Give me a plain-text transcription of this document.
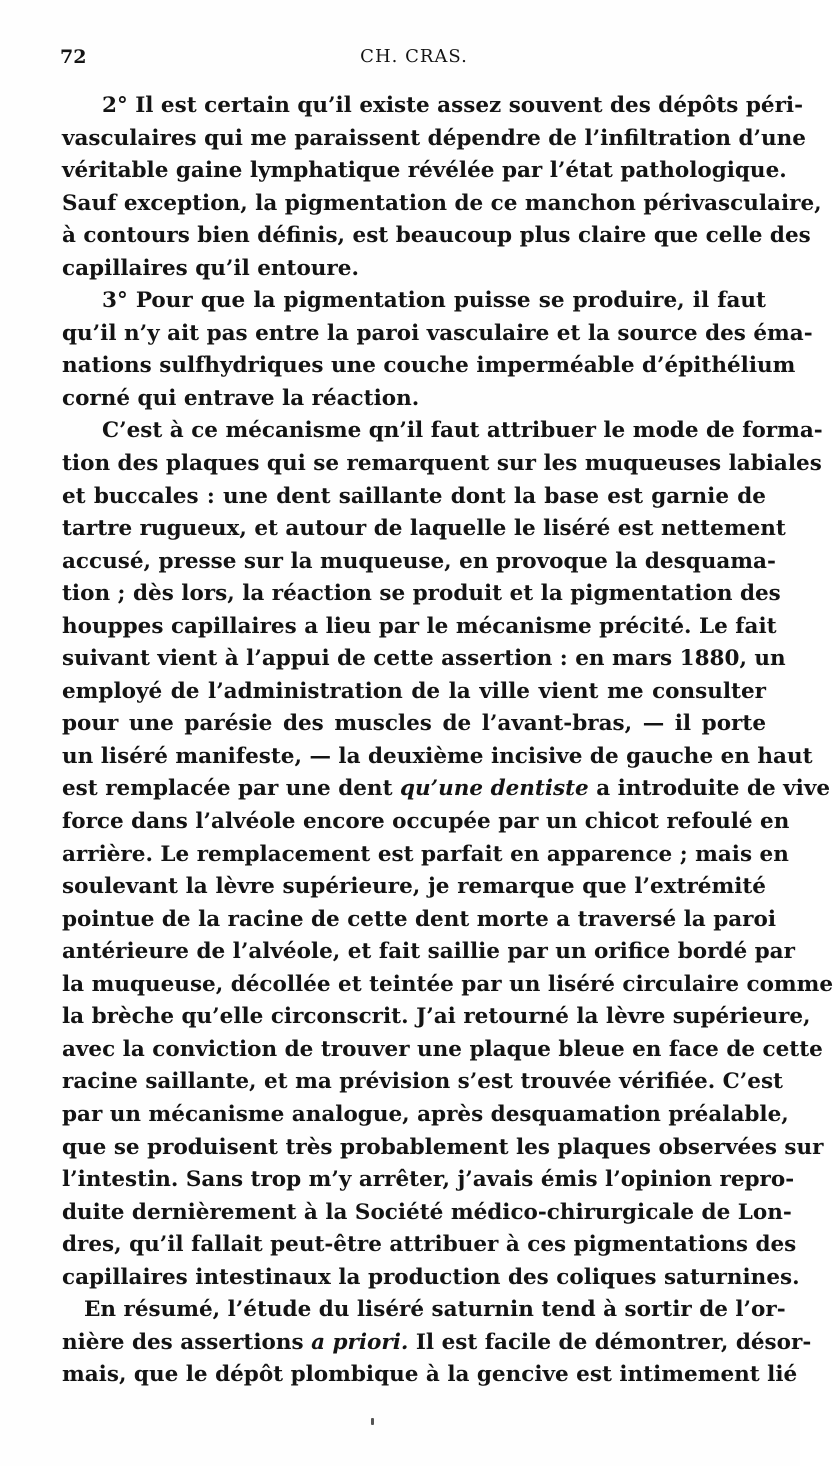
72	CH. CRAS.
2° Il est certain qu’il existe assez souvent des dépôts péri-
vasculaires qui me paraissent dépendre de l’infiltration d’une
véritable gaine lymphatique révélée par l’état pathologique.
Sauf exception, la pigmentation de ce manchon périvasculaire,
à contours bien définis, est beaucoup plus claire que celle des
capillaires qu’il entoure.
3° Pour que la pigmentation puisse se produire, il faut
qu’il n’y ait pas entre la paroi vasculaire et la source des éma-
nations sulfhydriques une couche imperméable d’épithélium
corné qui entrave la réaction.
C’est à ce mécanisme qn’il faut attribuer le mode de forma-
tion des plaques qui se remarquent sur les muqueuses labiales
et buccales : une dent saillante dont la base est garnie de
tartre rugueux, et autour de laquelle le liséré est nettement
accusé, presse sur la muqueuse, en provoque la desquama-
tion ; dès lors, la réaction se produit et la pigmentation des
houppes capillaires a lieu par le mécanisme précité. Le fait
suivant vient à l’appui de cette assertion : en mars 1880, un
employé de l’administration de la ville vient me consulter
pour une parésie des muscles de l’avant-bras, — il porte
un liséré manifeste, — la deuxième incisive de gauche en haut
est remplacée par une dent qu’une dentiste a introduite de vive
force dans l’alvéole encore occupée par un chicot refoulé en
arrière. Le remplacement est parfait en apparence ; mais en
soulevant la lèvre supérieure, je remarque que l’extrémité
pointue de la racine de cette dent morte a traversé la paroi
antérieure de l’alvéole, et fait saillie par un orifice bordé par
la muqueuse, décollée et teintée par un liséré circulaire comme
la brèche qu’elle circonscrit. J’ai retourné la lèvre supérieure,
avec la conviction de trouver une plaque bleue en face de cette
racine saillante, et ma prévision s’est trouvée vérifiée. C’est
par un mécanisme analogue, après desquamation préalable,
que se produisent très probablement les plaques observées sur
l’intestin. Sans trop m’y arrêter, j’avais émis l’opinion repro-
duite dernièrement à la Société médico-chirurgicale de Lon-
dres, qu’il fallait peut-être attribuer à ces pigmentations des
capillaires intestinaux la production des coliques saturnines.
En résumé, l’étude du liséré saturnin tend à sortir de l’or-
nière des assertions a priori. Il est facile de démontrer, désor-
mais, que le dépôt plombique à la gencive est intimement lié
